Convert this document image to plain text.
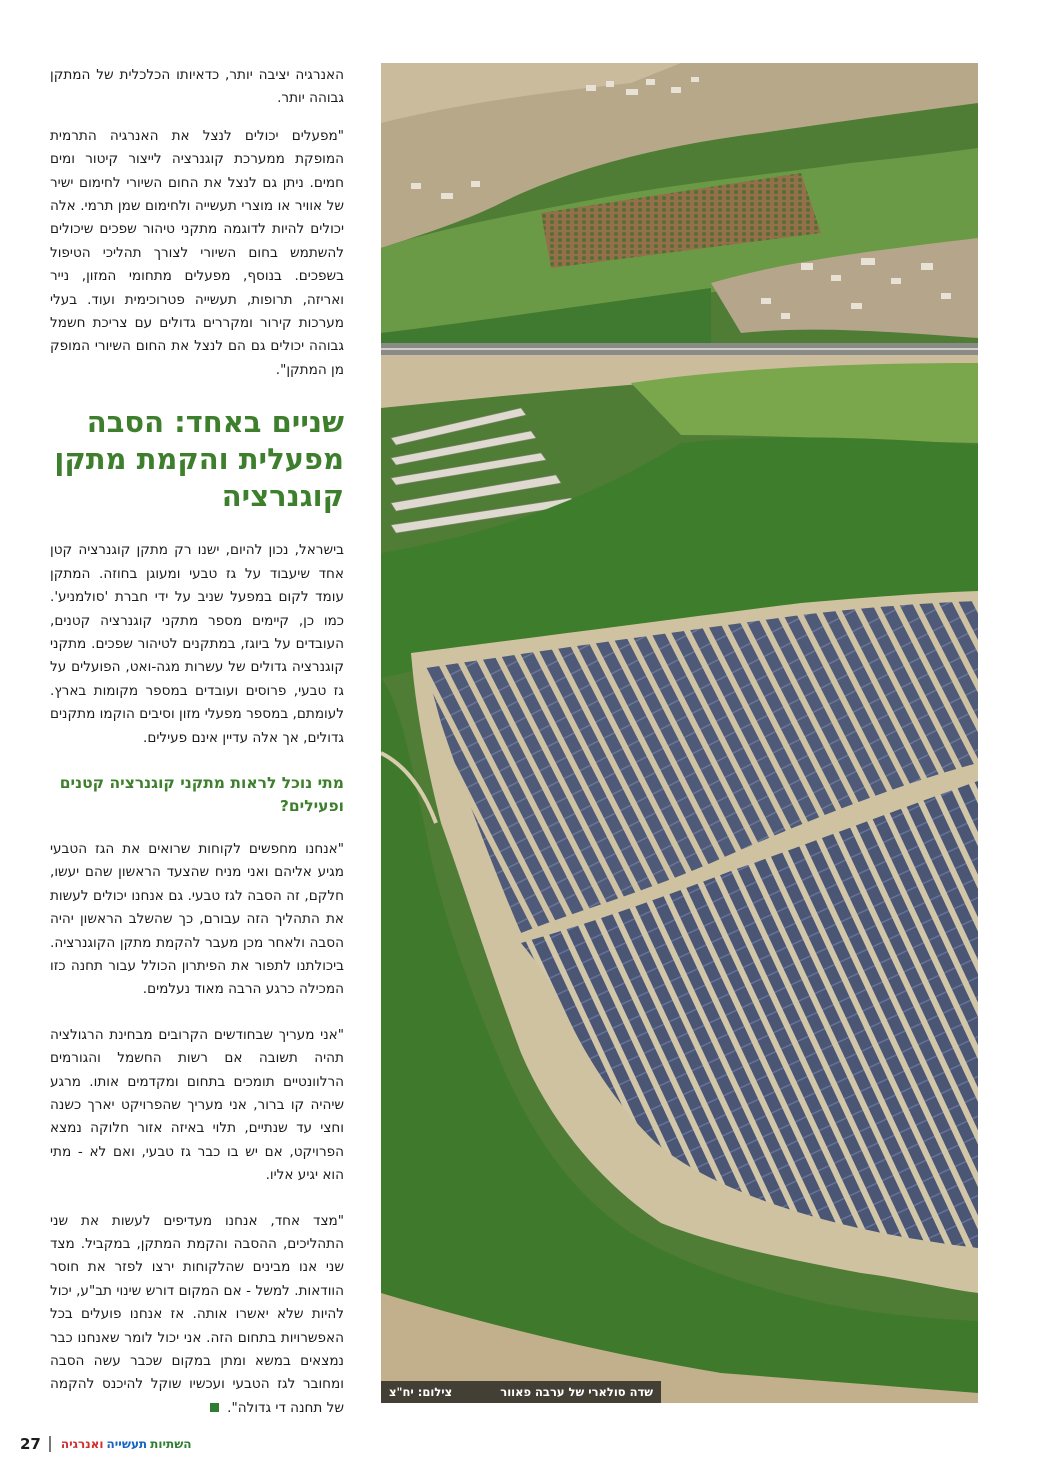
האנרגיה יציבה יותר, כדאיותו הכלכלית של המתקן גבוהה יותר.

"מפעלים יכולים לנצל את האנרגיה התרמית המופקת ממערכת קוגנרציה לייצור קיטור ומים חמים. ניתן גם לנצל את החום השיורי לחימום ישיר של אוויר או מוצרי תעשייה ולחימום שמן תרמי. אלה יכולים להיות לדוגמה מתקני טיהור שפכים שיכולים להשתמש בחום השיורי לצורך תהליכי הטיפול בשפכים. בנוסף, מפעלים מתחומי המזון, נייר ואריזה, תרופות, תעשייה פטרוכימית ועוד. בעלי מערכות קירור ומקררים גדולים עם צריכת חשמל גבוהה יכולים גם הם לנצל את החום השיורי המופק מן המתקן".

שניים באחד: הסבה מפעלית והקמת מתקן קוגנרציה

בישראל, נכון להיום, ישנו רק מתקן קוגנרציה קטן אחד שיעבוד על גז טבעי ומעוגן בחוזה. המתקן עומד לקום במפעל שניב על ידי חברת 'סולמניע'. כמו כן, קיימים מספר מתקני קוגנרציה קטנים, העובדים על ביוגז, במתקנים לטיהור שפכים. מתקני קוגנרציה גדולים של עשרות מגה-ואט, הפועלים על גז טבעי, פרוסים ועובדים במספר מקומות בארץ. לעומתם, במספר מפעלי מזון וסיבים הוקמו מתקנים גדולים, אך אלה עדיין אינם פעילים.

מתי נוכל לראות מתקני קוגנרציה קטנים ופעילים?

"אנחנו מחפשים לקוחות שרואים את הגז הטבעי מגיע אליהם ואני מניח שהצעד הראשון שהם יעשו, חלקם, זה הסבה לגז טבעי. גם אנחנו יכולים לעשות את התהליך הזה עבורם, כך שהשלב הראשון יהיה הסבה ולאחר מכן מעבר להקמת מתקן הקוגנרציה. ביכולתנו לתפור את הפיתרון הכולל עבור תחנה כזו המכילה כרגע הרבה מאוד נעלמים.

"אני מעריך שבחודשים הקרובים מבחינת הרגולציה תהיה תשובה אם רשות החשמל והגורמים הרלוונטיים תומכים בתחום ומקדמים אותו. מרגע שיהיה קו ברור, אני מעריך שהפרויקט יארך כשנה וחצי עד שנתיים, תלוי באיזה אזור חלוקה נמצא הפרויקט, אם יש בו כבר גז טבעי, ואם לא - מתי הוא יגיע אליו.

"מצד אחד, אנחנו מעדיפים לעשות את שני התהליכים, ההסבה והקמת המתקן, במקביל. מצד שני אנו מבינים שהלקוחות ירצו לפזר את חוסר הוודאות. למשל - אם המקום דורש שינוי תב"ע, יכול להיות שלא יאשרו אותה. אז אנחנו פועלים בכל האפשרויות בתחום הזה. אני יכול לומר שאנחנו כבר נמצאים במשא ומתן במקום שכבר עשה הסבה ומחובר לגז הטבעי ועכשיו שוקל להיכנס להקמה של תחנה די גדולה".

שדה סולארי של ערבה פאוור
צילום: יח"צ
27	השתיות
תעשייה
ואנרגיה
